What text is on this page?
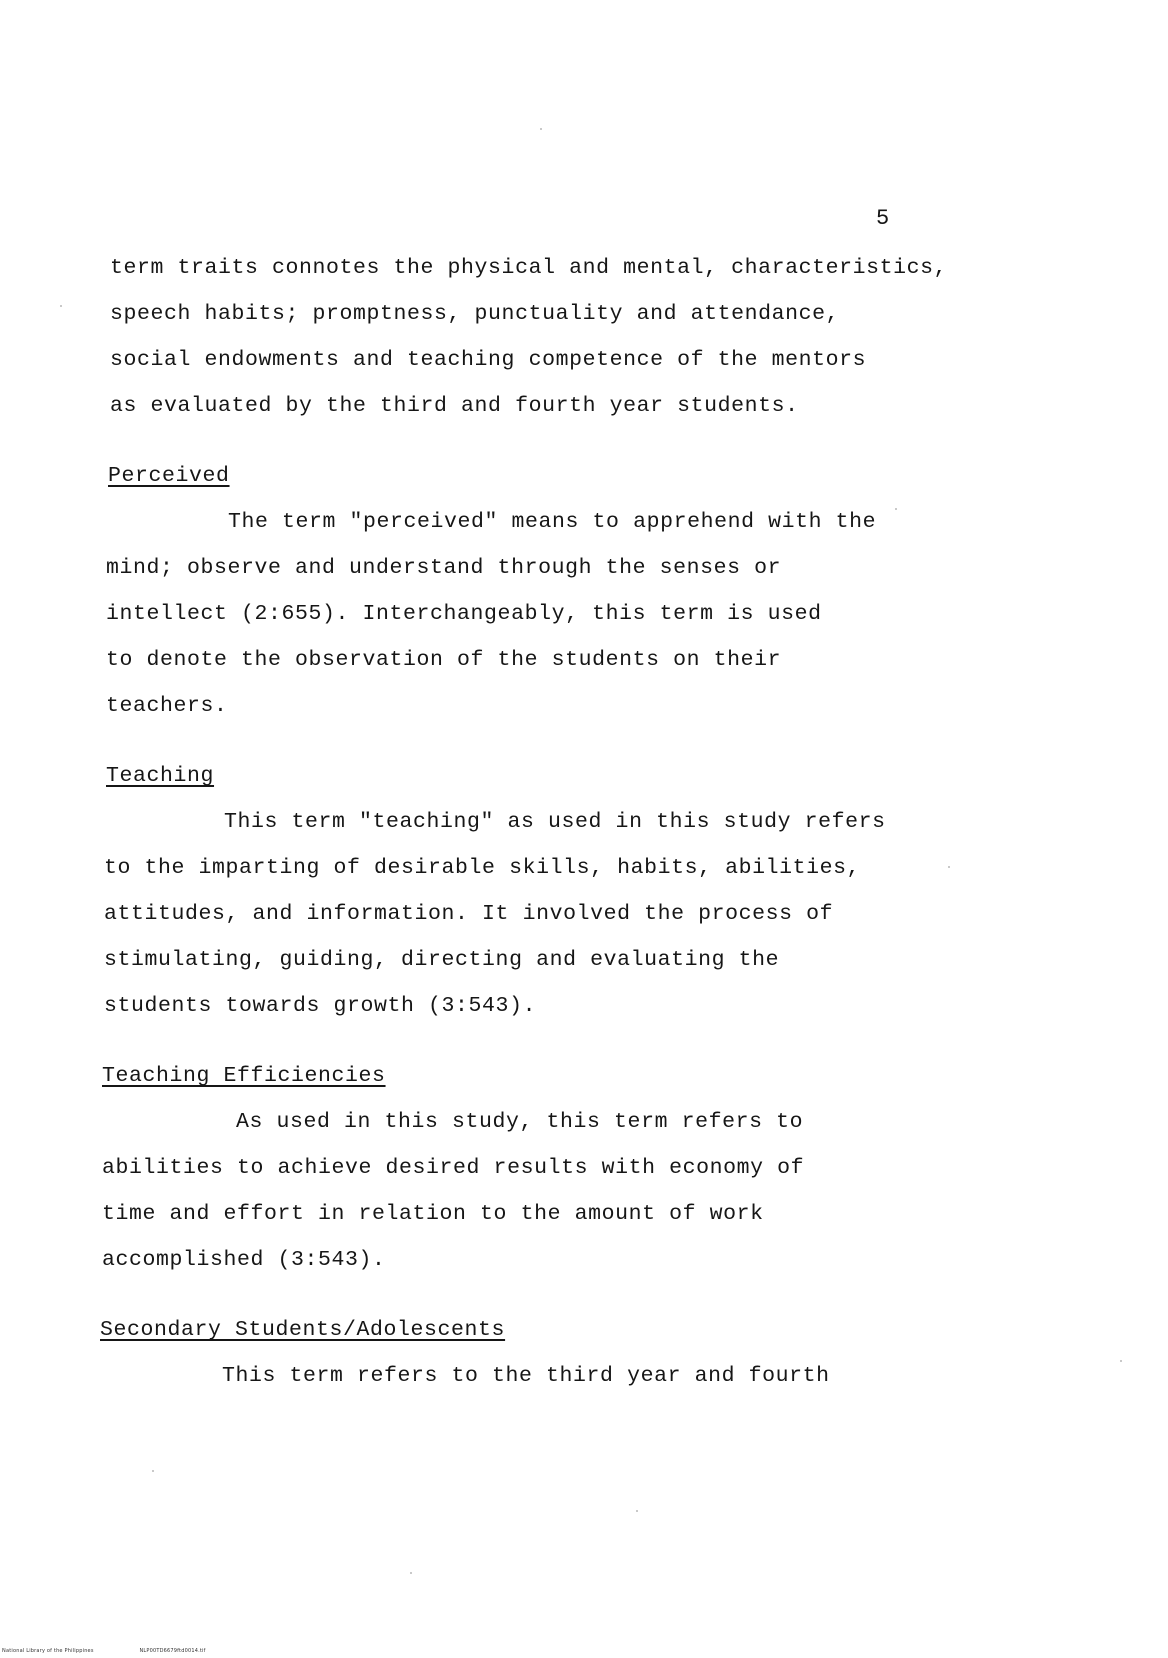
5
term traits connotes the physical and mental, characteristics,
speech habits; promptness, punctuality and attendance,
social endowments and teaching competence of the mentors
as evaluated by the third and fourth year students.
Perceived
The term "perceived" means to apprehend with the
mind; observe and understand through the senses or
intellect (2:655). Interchangeably, this term is used
to denote the observation of the students on their
teachers.
Teaching
This term "teaching" as used in this study refers
to the imparting of desirable skills, habits, abilities,
attitudes, and information. It involved the process of
stimulating, guiding, directing and evaluating the
students towards growth (3:543).
Teaching Efficiencies
As used in this study, this term refers to
abilities to achieve desired results with economy of
time and effort in relation to the amount of work
accomplished (3:543).
Secondary Students/Adolescents
This term refers to the third year and fourth
National Library of the Philippines	NLP00TD6679ftd0014.tif
